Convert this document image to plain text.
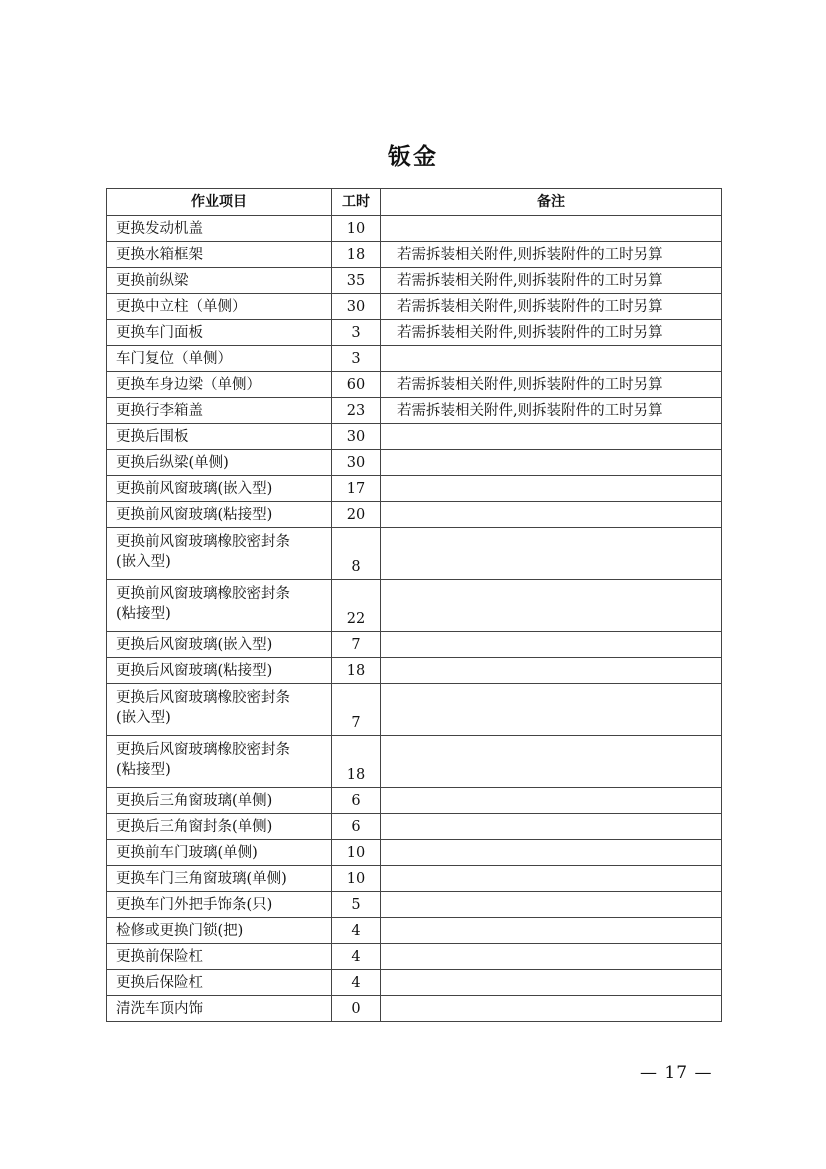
钣金
作业项目	工时	备注
更换发动机盖	10	
更换水箱框架	18	若需拆装相关附件,则拆装附件的工时另算
更换前纵梁	35	若需拆装相关附件,则拆装附件的工时另算
更换中立柱（单侧）	30	若需拆装相关附件,则拆装附件的工时另算
更换车门面板	3	若需拆装相关附件,则拆装附件的工时另算
车门复位（单侧）	3	
更换车身边梁（单侧）	60	若需拆装相关附件,则拆装附件的工时另算
更换行李箱盖	23	若需拆装相关附件,则拆装附件的工时另算
更换后围板	30	
更换后纵梁(单侧)	30	
更换前风窗玻璃(嵌入型)	17	
更换前风窗玻璃(粘接型)	20	
更换前风窗玻璃橡胶密封条
(嵌入型)	8	
更换前风窗玻璃橡胶密封条
(粘接型)	22	
更换后风窗玻璃(嵌入型)	7	
更换后风窗玻璃(粘接型)	18	
更换后风窗玻璃橡胶密封条
(嵌入型)	7	
更换后风窗玻璃橡胶密封条
(粘接型)	18	
更换后三角窗玻璃(单侧)	6	
更换后三角窗封条(单侧)	6	
更换前车门玻璃(单侧)	10	
更换车门三角窗玻璃(单侧)	10	
更换车门外把手饰条(只)	5	
检修或更换门锁(把)	4	
更换前保险杠	4	
更换后保险杠	4	
清洗车顶内饰	0	
— 17 —
